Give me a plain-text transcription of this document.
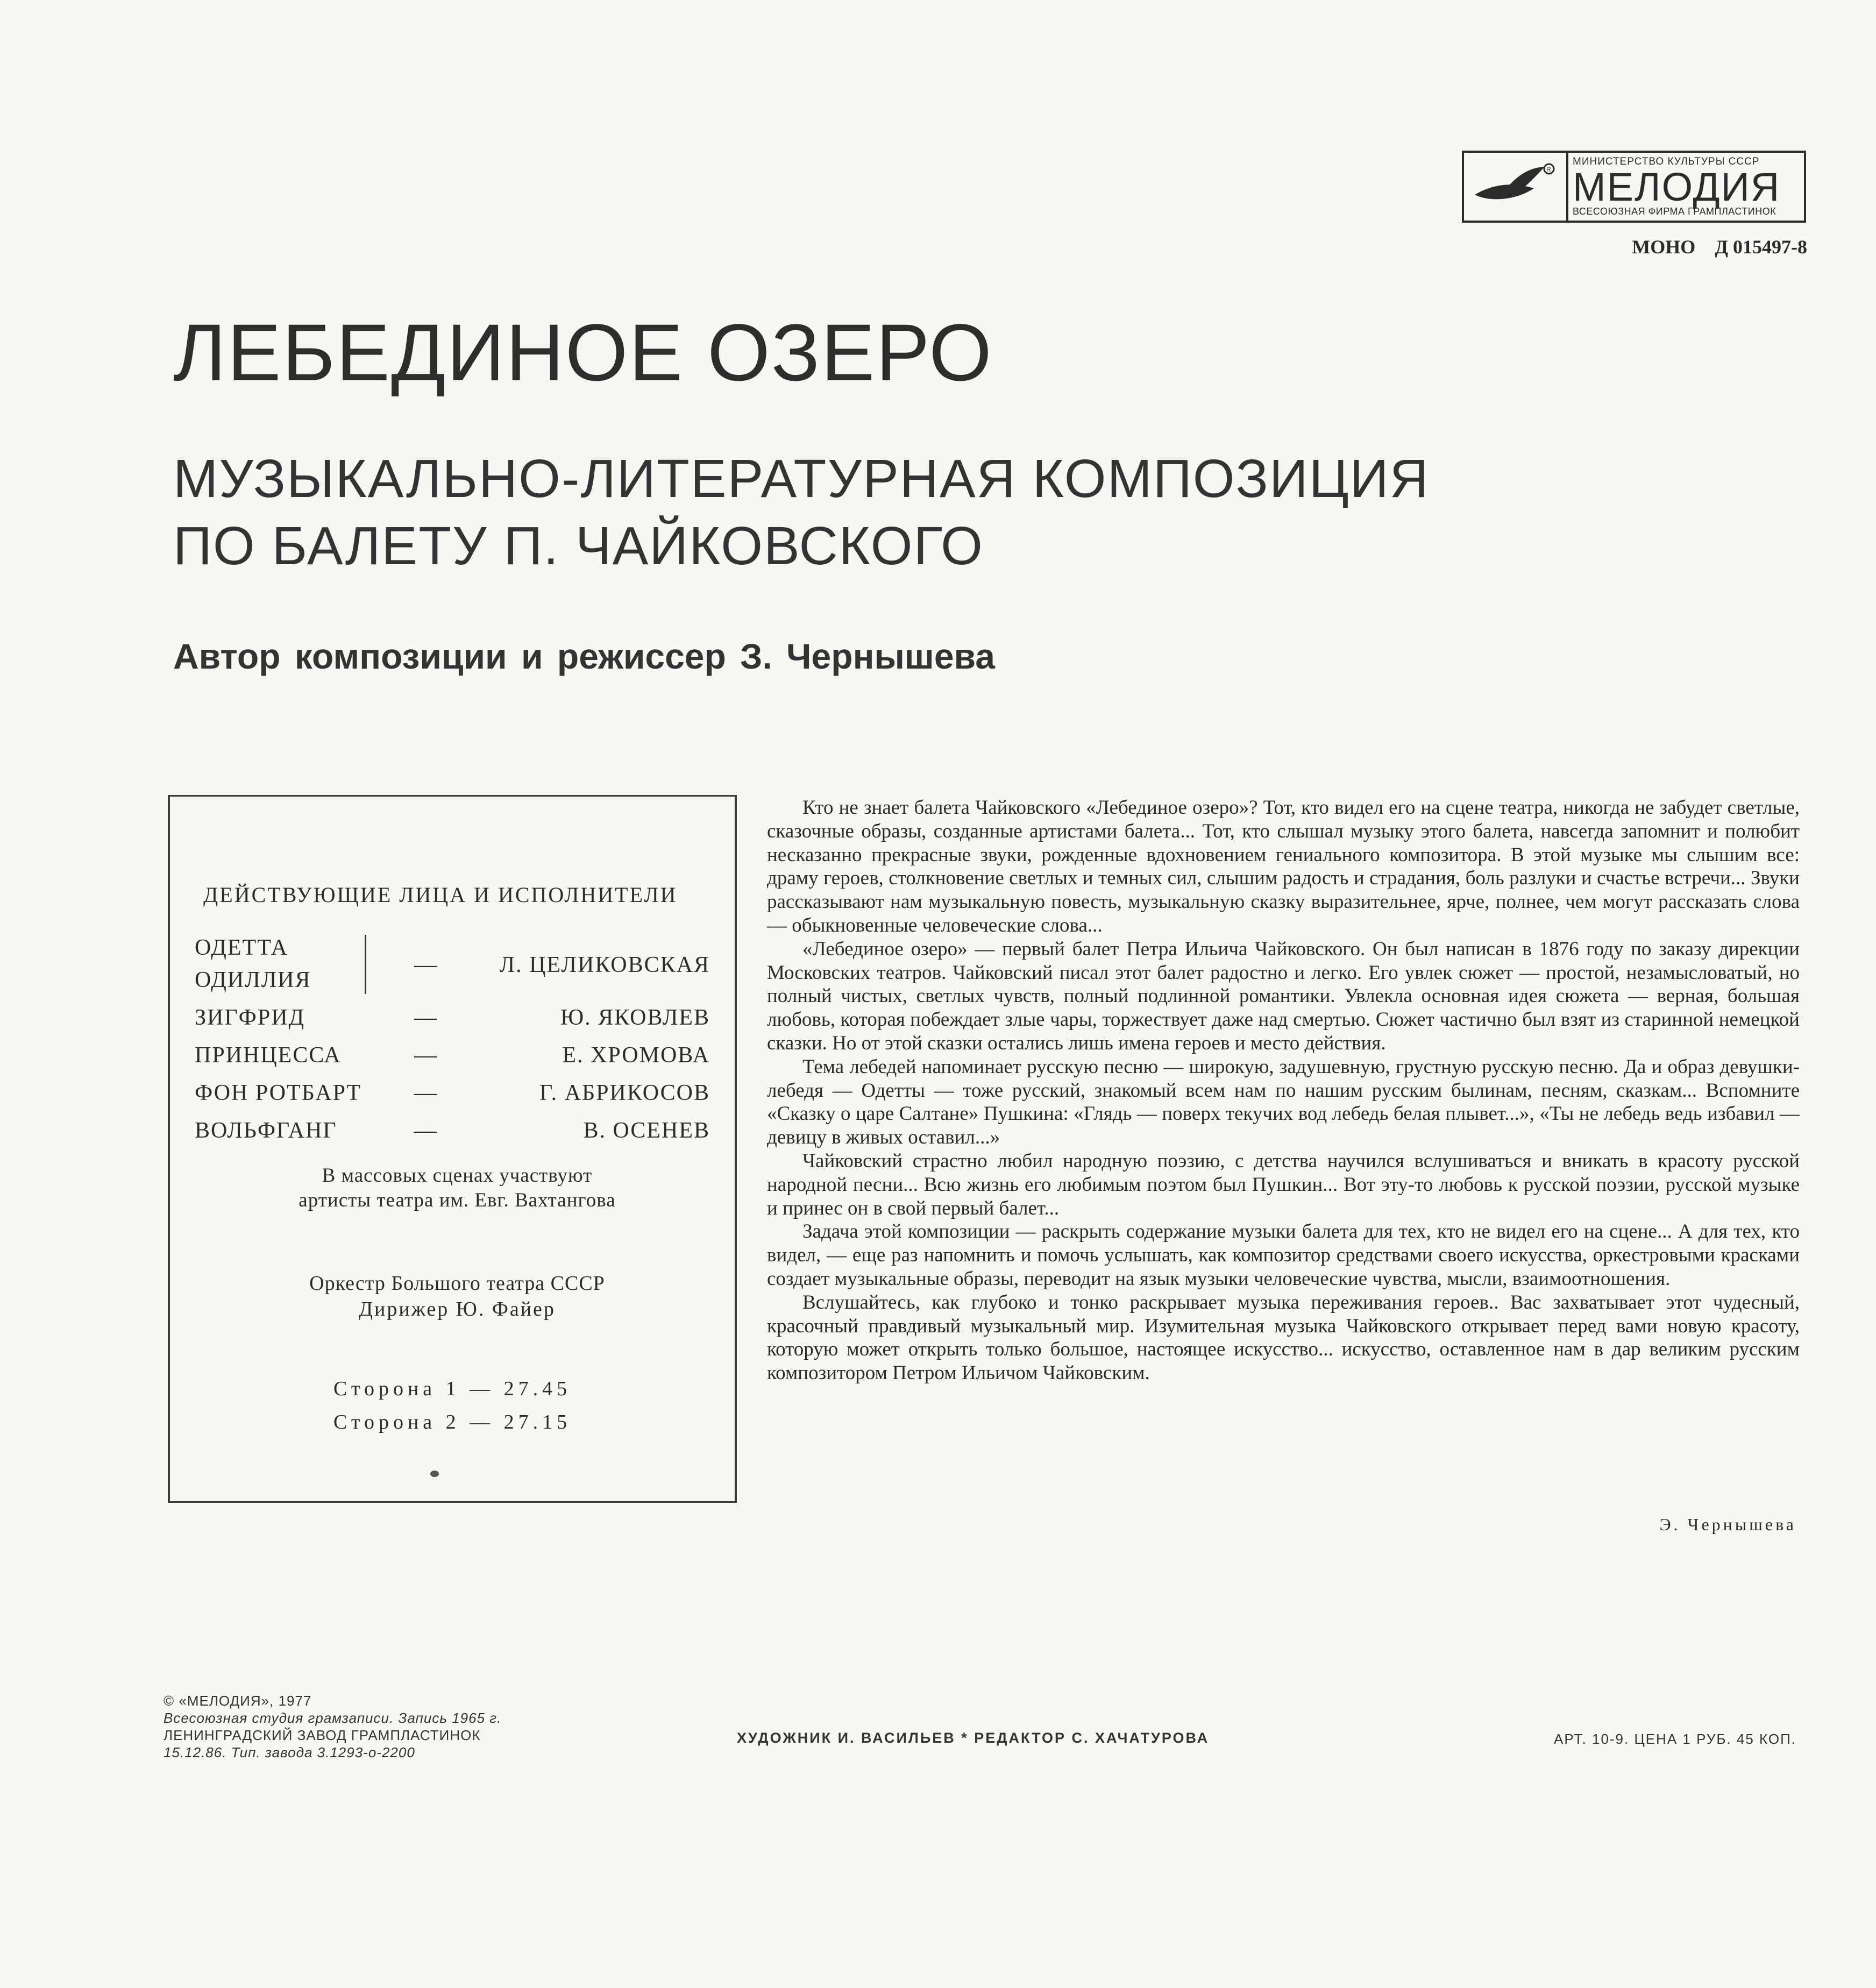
R
МИНИСТЕРСТВО КУЛЬТУРЫ СССР
МЕЛОДИЯ
ВСЕСОЮЗНАЯ ФИРМА ГРАМПЛАСТИНОК
МОНО    Д 015497-8
ЛЕБЕДИНОЕ ОЗЕРО
МУЗЫКАЛЬНО-ЛИТЕРАТУРНАЯ КОМПОЗИЦИЯ
ПО БАЛЕТУ П. ЧАЙКОВСКОГО
Автор композиции и режиссер З. Чернышева
ДЕЙСТВУЮЩИЕ ЛИЦА И ИСПОЛНИТЕЛИ
ОДЕТТА
ОДИЛЛИЯ
—	Л. ЦЕЛИКОВСКАЯ
ЗИГФРИД	—	Ю. ЯКОВЛЕВ
ПРИНЦЕССА	—	Е. ХРОМОВА
ФОН РОТБАРТ —	Г. АБРИКОСОВ
ВОЛЬФГАНГ	—	В. ОСЕНЕВ
В массовых сценах участвуют
артисты театра им. Евг. Вахтангова
Оркестр Большого театра СССР
Дирижер Ю. Файер
Сторона 1 — 27.45
Сторона 2 — 27.15

Кто не знает балета Чайковского «Лебединое озеро»? Тот, кто видел его на сцене театра, никогда не забудет светлые, сказочные образы, созданные артистами балета... Тот, кто слышал музыку этого балета, навсегда запомнит и полюбит несказанно прекрасные звуки, рожденные вдохновением гениального композитора. В этой музыке мы слышим все: драму героев, столкновение светлых и темных сил, слышим радость и страдания, боль разлуки и счастье встречи... Звуки рассказывают нам музыкальную повесть, музыкальную сказку выразительнее, ярче, полнее, чем могут рассказать слова — обыкновенные человеческие слова...

«Лебединое озеро» — первый балет Петра Ильича Чайковского. Он был написан в 1876 году по заказу дирекции Московских театров. Чайковский писал этот балет радостно и легко. Его увлек сюжет — простой, незамысловатый, но полный чистых, светлых чувств, полный подлинной романтики. Увлекла основная идея сюжета — верная, большая любовь, которая побеждает злые чары, торжествует даже над смертью. Сюжет частично был взят из старинной немецкой сказки. Но от этой сказки остались лишь имена героев и место действия.

Тема лебедей напоминает русскую песню — широкую, задушевную, грустную русскую песню. Да и образ девушки-лебедя — Одетты — тоже русский, знакомый всем нам по нашим русским былинам, песням, сказкам... Вспомните «Сказку о царе Салтане» Пушкина: «Глядь — поверх текучих вод лебедь белая плывет...», «Ты не лебедь ведь избавил — девицу в живых оставил...»

Чайковский страстно любил народную поэзию, с детства научился вслушиваться и вникать в красоту русской народной песни... Всю жизнь его любимым поэтом был Пушкин... Вот эту-то любовь к русской поэзии, русской музыке и принес он в свой первый балет...

Задача этой композиции — раскрыть содержание музыки балета для тех, кто не видел его на сцене... А для тех, кто видел, — еще раз напомнить и помочь услышать, как композитор средствами своего искусства, оркестровыми красками создает музыкальные образы, переводит на язык музыки человеческие чувства, мысли, взаимоотношения.

Вслушайтесь, как глубоко и тонко раскрывает музыка переживания героев.. Вас захватывает этот чудесный, красочный правдивый музыкальный мир. Изумительная музыка Чайковского открывает перед вами новую красоту, которую может открыть только большое, настоящее искусство... искусство, оставленное нам в дар великим русским композитором Петром Ильичом Чайковским.

Э. Чернышева
© «МЕЛОДИЯ», 1977
Всесоюзная студия грамзаписи. Запись 1965 г.
ЛЕНИНГРАДСКИЙ ЗАВОД ГРАМПЛАСТИНОК
15.12.86. Тип. завода 3.1293-о-2200
ХУДОЖНИК И. ВАСИЛЬЕВ * РЕДАКТОР С. ХАЧАТУРОВА	АРТ. 10-9. ЦЕНА 1 РУБ. 45 КОП.
